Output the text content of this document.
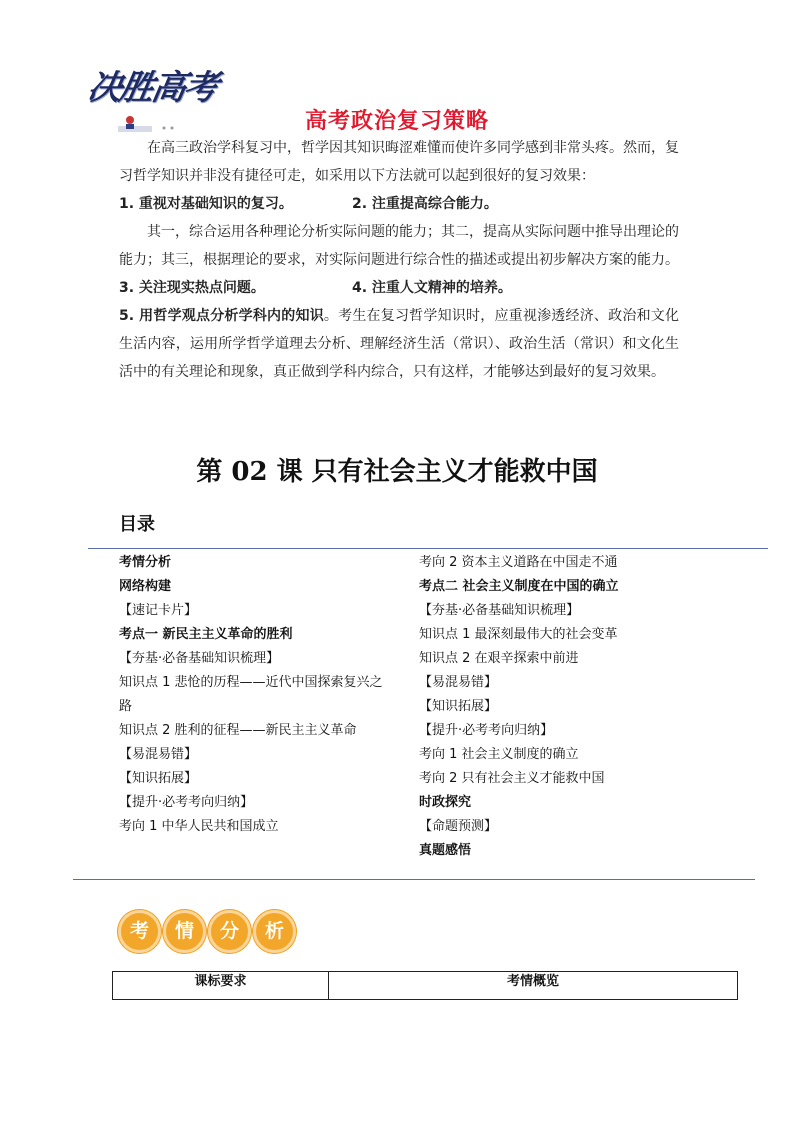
决胜高考
高考政治复习策略

在高三政治学科复习中，哲学因其知识晦涩难懂而使许多同学感到非常头疼。然而，复习哲学知识并非没有捷径可走，如采用以下方法就可以起到很好的复习效果：

1. 重视对基础知识的复习。	2. 注重提高综合能力。

其一，综合运用各种理论分析实际问题的能力；其二，提高从实际问题中推导出理论的能力；其三，根据理论的要求，对实际问题进行综合性的描述或提出初步解决方案的能力。

3. 关注现实热点问题。	4. 注重人文精神的培养。

5. 用哲学观点分析学科内的知识。考生在复习哲学知识时，应重视渗透经济、政治和文化生活内容，运用所学哲学道理去分析、理解经济生活（常识）、政治生活（常识）和文化生活中的有关理论和现象，真正做到学科内综合，只有这样，才能够达到最好的复习效果。

第 02 课 只有社会主义才能救中国
目录
考情分析
网络构建
【速记卡片】
考点一 新民主主义革命的胜利
【夯基·必备基础知识梳理】
知识点 1 悲怆的历程——近代中国探索复兴之路
知识点 2 胜利的征程——新民主主义革命
【易混易错】
【知识拓展】
【提升·必考考向归纳】
考向 1 中华人民共和国成立
考向 2 资本主义道路在中国走不通
考点二 社会主义制度在中国的确立
【夯基·必备基础知识梳理】
知识点 1 最深刻最伟大的社会变革
知识点 2 在艰辛探索中前进
【易混易错】
【知识拓展】
【提升·必考考向归纳】
考向 1 社会主义制度的确立
考向 2 只有社会主义才能救中国
时政探究
【命题预测】
真题感悟
考	情	分	析
课标要求	考情概览
